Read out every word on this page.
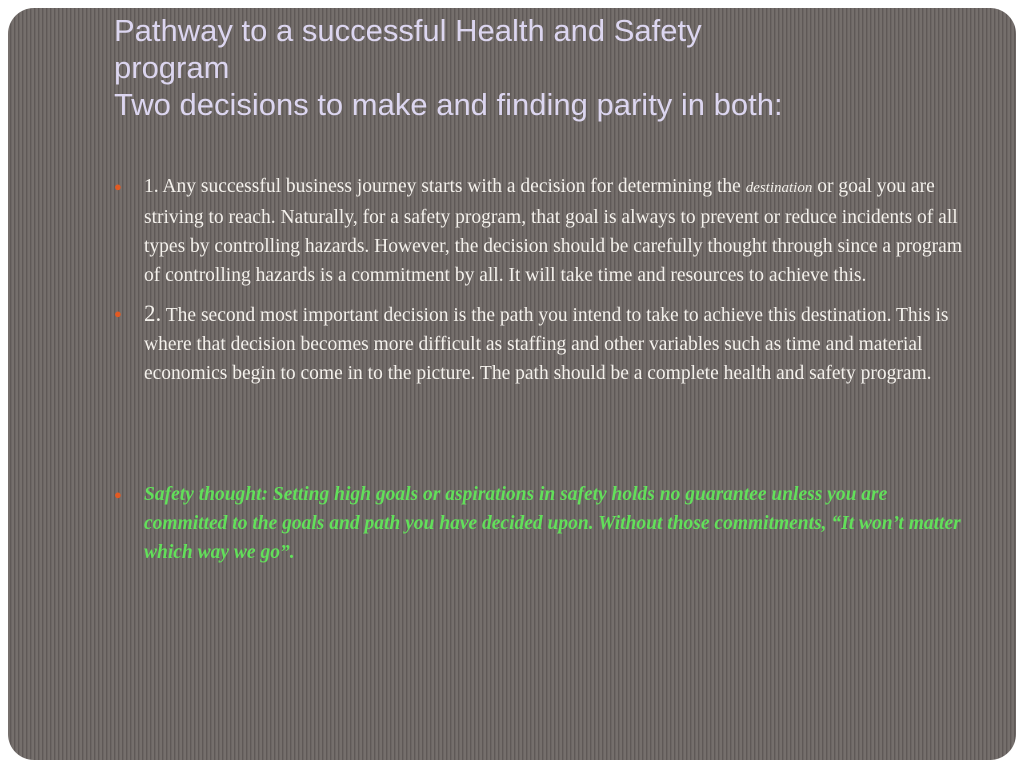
Pathway to a successful Health and Safety
program
Two decisions to make and finding parity in both:
● 1. Any successful business journey starts with a decision for determining the destination or goal you are striving to reach. Naturally, for a safety program, that goal is always to prevent or reduce incidents of all types by controlling hazards. However, the decision should be carefully thought through since a program of controlling hazards is a commitment by all. It will take time and resources to achieve this.
● 2. The second most important decision is the path you intend to take to achieve this destination. This is where that decision becomes more difficult as staffing and other variables such as time and material economics begin to come in to the picture. The path should be a complete health and safety program.
● Safety thought: Setting high goals or aspirations in safety holds no guarantee unless you are committed to the goals and path you have decided upon. Without those commitments, “It won’t matter which way we go”.
